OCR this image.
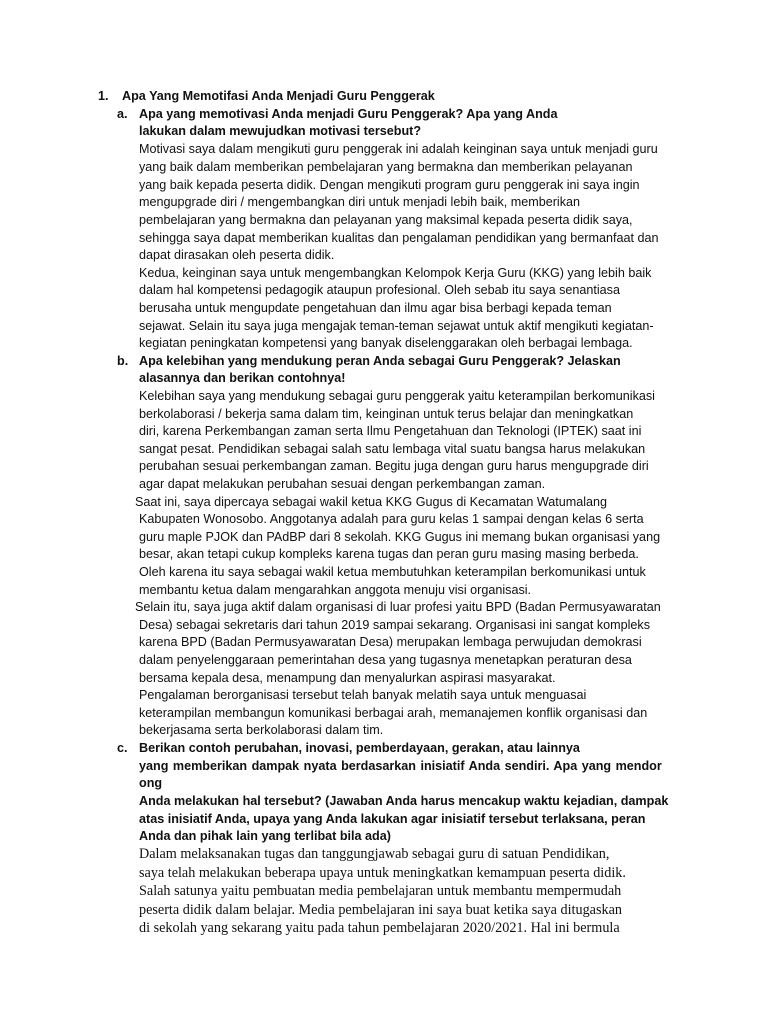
1. Apa Yang Memotifasi Anda Menjadi Guru Penggerak
a. Apa yang memotivasi Anda menjadi Guru Penggerak? Apa yang Anda
lakukan dalam mewujudkan motivasi tersebut?
Motivasi saya dalam mengikuti guru penggerak ini adalah keinginan saya untuk menjadi guru
yang baik dalam memberikan pembelajaran yang bermakna dan memberikan pelayanan
yang baik kepada peserta didik. Dengan mengikuti program guru penggerak ini saya ingin
mengupgrade diri / mengembangkan diri untuk menjadi lebih baik, memberikan
pembelajaran yang bermakna dan pelayanan yang maksimal kepada peserta didik saya,
sehingga saya dapat memberikan kualitas dan pengalaman pendidikan yang bermanfaat dan
dapat dirasakan oleh peserta didik.
Kedua, keinginan saya untuk mengembangkan Kelompok Kerja Guru (KKG) yang lebih baik
dalam hal kompetensi pedagogik ataupun profesional. Oleh sebab itu saya senantiasa
berusaha untuk mengupdate pengetahuan dan ilmu agar bisa berbagi kepada teman
sejawat. Selain itu saya juga mengajak teman-teman sejawat untuk aktif mengikuti kegiatan-
kegiatan peningkatan kompetensi yang banyak diselenggarakan oleh berbagai lembaga.
b. Apa kelebihan yang mendukung peran Anda sebagai Guru Penggerak? Jelaskan
alasannya dan berikan contohnya!
Kelebihan saya yang mendukung sebagai guru penggerak yaitu keterampilan berkomunikasi
berkolaborasi / bekerja sama dalam tim, keinginan untuk terus belajar dan meningkatkan
diri, karena Perkembangan zaman serta Ilmu Pengetahuan dan Teknologi (IPTEK) saat ini
sangat pesat. Pendidikan sebagai salah satu lembaga vital suatu bangsa harus melakukan
perubahan sesuai perkembangan zaman. Begitu juga dengan guru harus mengupgrade diri
agar dapat melakukan perubahan sesuai dengan perkembangan zaman.
Saat ini, saya dipercaya sebagai wakil ketua KKG Gugus di Kecamatan Watumalang
Kabupaten Wonosobo. Anggotanya adalah para guru kelas 1 sampai dengan kelas 6 serta
guru maple PJOK dan PAdBP dari 8 sekolah. KKG Gugus ini memang bukan organisasi yang
besar, akan tetapi cukup kompleks karena tugas dan peran guru masing masing berbeda.
Oleh karena itu saya sebagai wakil ketua membutuhkan keterampilan berkomunikasi untuk
membantu ketua dalam mengarahkan anggota menuju visi organisasi.
Selain itu, saya juga aktif dalam organisasi di luar profesi yaitu BPD (Badan Permusyawaratan
Desa) sebagai sekretaris dari tahun 2019 sampai sekarang. Organisasi ini sangat kompleks
karena BPD (Badan Permusyawaratan Desa) merupakan lembaga perwujudan demokrasi
dalam penyelenggaraan pemerintahan desa yang tugasnya menetapkan peraturan desa
bersama kepala desa, menampung dan menyalurkan aspirasi masyarakat.
Pengalaman berorganisasi tersebut telah banyak melatih saya untuk menguasai
keterampilan membangun komunikasi berbagai arah, memanajemen konflik organisasi dan
bekerjasama serta berkolaborasi dalam tim.
c. Berikan contoh perubahan, inovasi, pemberdayaan, gerakan, atau lainnya
yang memberikan dampak nyata berdasarkan inisiatif Anda sendiri. Apa yang mendor
ong
Anda melakukan hal tersebut? (Jawaban Anda harus mencakup waktu kejadian, dampak
atas inisiatif Anda, upaya yang Anda lakukan agar inisiatif tersebut terlaksana, peran
Anda dan pihak lain yang terlibat bila ada)
Dalam melaksanakan tugas dan tanggungjawab sebagai guru di satuan Pendidikan,
saya telah melakukan beberapa upaya untuk meningkatkan kemampuan peserta didik.
Salah satunya yaitu pembuatan media pembelajaran untuk membantu mempermudah
peserta didik dalam belajar. Media pembelajaran ini saya buat ketika saya ditugaskan
di sekolah yang sekarang yaitu pada tahun pembelajaran 2020/2021. Hal ini bermula
